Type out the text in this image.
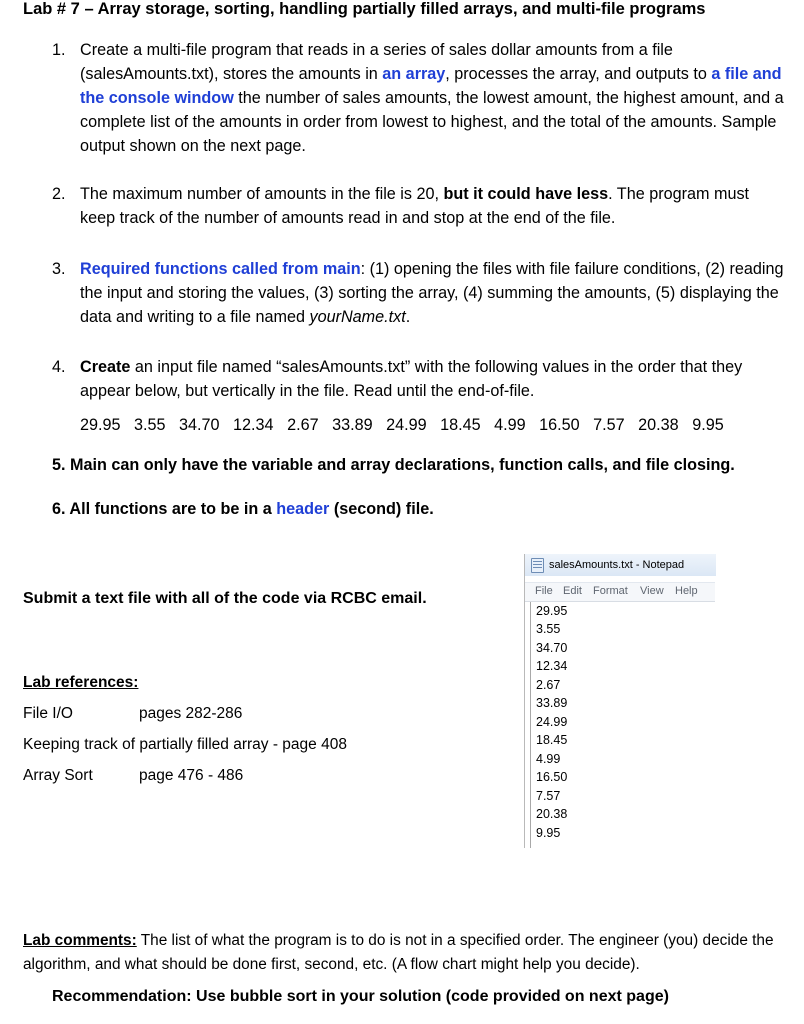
Lab # 7 – Array storage, sorting, handling partially filled arrays, and multi-file programs
1. Create a multi-file program that reads in a series of sales dollar amounts from a file (salesAmounts.txt), stores the amounts in an array, processes the array, and outputs to a file and the console window the number of sales amounts, the lowest amount, the highest amount, and a complete list of the amounts in order from lowest to highest, and the total of the amounts. Sample output shown on the next page.
2. The maximum number of amounts in the file is 20, but it could have less. The program must keep track of the number of amounts read in and stop at the end of the file.
3. Required functions called from main: (1) opening the files with file failure conditions, (2) reading the input and storing the values, (3) sorting the array, (4) summing the amounts, (5) displaying the data and writing to a file named yourName.txt.
4. Create an input file named “salesAmounts.txt” with the following values in the order that they appear below, but vertically in the file. Read until the end-of-file.
29.95 3.55 34.70 12.34 2.67 33.89 24.99 18.45 4.99 16.50 7.57 20.38 9.95
5. Main can only have the variable and array declarations, function calls, and file closing.
6. All functions are to be in a header (second) file.
Submit a text file with all of the code via RCBC email.
Lab references:
File I/O	pages 282-286
Keeping track of partially filled array - page 408
Array Sort	page 476 - 486
salesAmounts.txt - Notepad
File Edit Format View Help
29.95
3.55
34.70
12.34
2.67
33.89
24.99
18.45
4.99
16.50
7.57
20.38
9.95
Lab comments: The list of what the program is to do is not in a specified order. The engineer (you) decide the algorithm, and what should be done first, second, etc. (A flow chart might help you decide).
Recommendation: Use bubble sort in your solution (code provided on next page)
